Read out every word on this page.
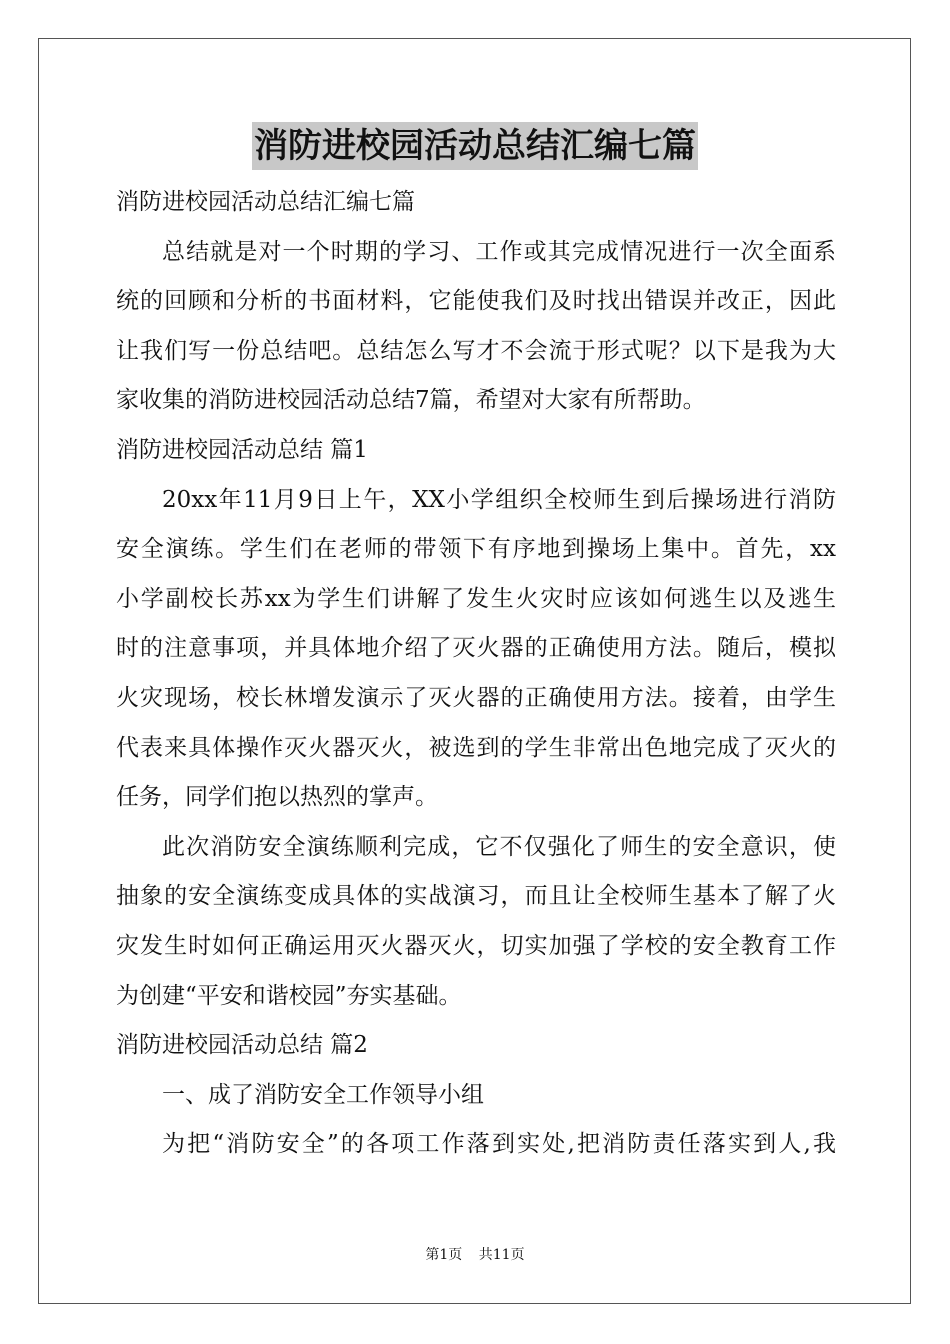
消防进校园活动总结汇编七篇

消防进校园活动总结汇编七篇

总结就是对一个时期的学习、工作或其完成情况进行一次全面系

统的回顾和分析的书面材料，它能使我们及时找出错误并改正，因此

让我们写一份总结吧。总结怎么写才不会流于形式呢？以下是我为大

家收集的消防进校园活动总结7篇，希望对大家有所帮助。

消防进校园活动总结 篇1

20xx年11月9日上午，XX小学组织全校师生到后操场进行消防

安全演练。学生们在老师的带领下有序地到操场上集中。首先，xx

小学副校长苏xx为学生们讲解了发生火灾时应该如何逃生以及逃生

时的注意事项，并具体地介绍了灭火器的正确使用方法。随后，模拟

火灾现场，校长林增发演示了灭火器的正确使用方法。接着，由学生

代表来具体操作灭火器灭火，被选到的学生非常出色地完成了灭火的

任务，同学们抱以热烈的掌声。

此次消防安全演练顺利完成，它不仅强化了师生的安全意识，使

抽象的安全演练变成具体的实战演习，而且让全校师生基本了解了火

灾发生时如何正确运用灭火器灭火，切实加强了学校的安全教育工作

为创建“平安和谐校园”夯实基础。

消防进校园活动总结 篇2

一、成了消防安全工作领导小组

为把“消防安全”的各项工作落到实处,把消防责任落实到人,我

第1页 共11页
